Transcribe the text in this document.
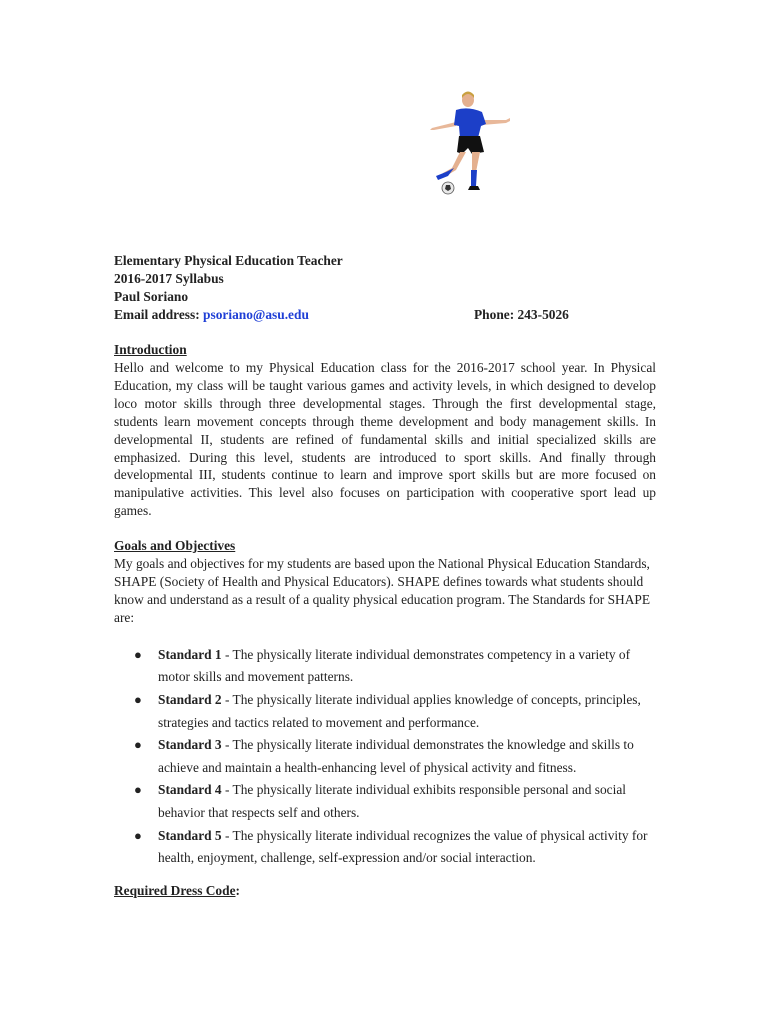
Elementary Physical Education Teacher
2016-2017 Syllabus
Paul Soriano
Email address: psoriano@asu.edu	Phone: 243-5026
Introduction

Hello and welcome to my Physical Education class for the 2016-2017 school year. In Physical Education, my class will be taught various games and activity levels, in which designed to develop loco motor skills through three developmental stages. Through the first developmental stage, students learn movement concepts through theme development and body management skills. In developmental II, students are refined of fundamental skills and initial specialized skills are emphasized. During this level, students are introduced to sport skills. And finally through developmental III, students continue to learn and improve sport skills but are more focused on manipulative activities. This level also focuses on participation with cooperative sport lead up games.

Goals and Objectives

My goals and objectives for my students are based upon the National Physical Education Standards, SHAPE (Society of Health and Physical Educators). SHAPE defines towards what students should know and understand as a result of a quality physical education program. The Standards for SHAPE are:

● Standard 1 - The physically literate individual demonstrates competency in a variety of motor skills and movement patterns.
● Standard 2 - The physically literate individual applies knowledge of concepts, principles, strategies and tactics related to movement and performance.
● Standard 3 - The physically literate individual demonstrates the knowledge and skills to achieve and maintain a health-enhancing level of physical activity and fitness.
● Standard 4 - The physically literate individual exhibits responsible personal and social behavior that respects self and others.
● Standard 5 - The physically literate individual recognizes the value of physical activity for health, enjoyment, challenge, self-expression and/or social interaction.
Required Dress Code:
